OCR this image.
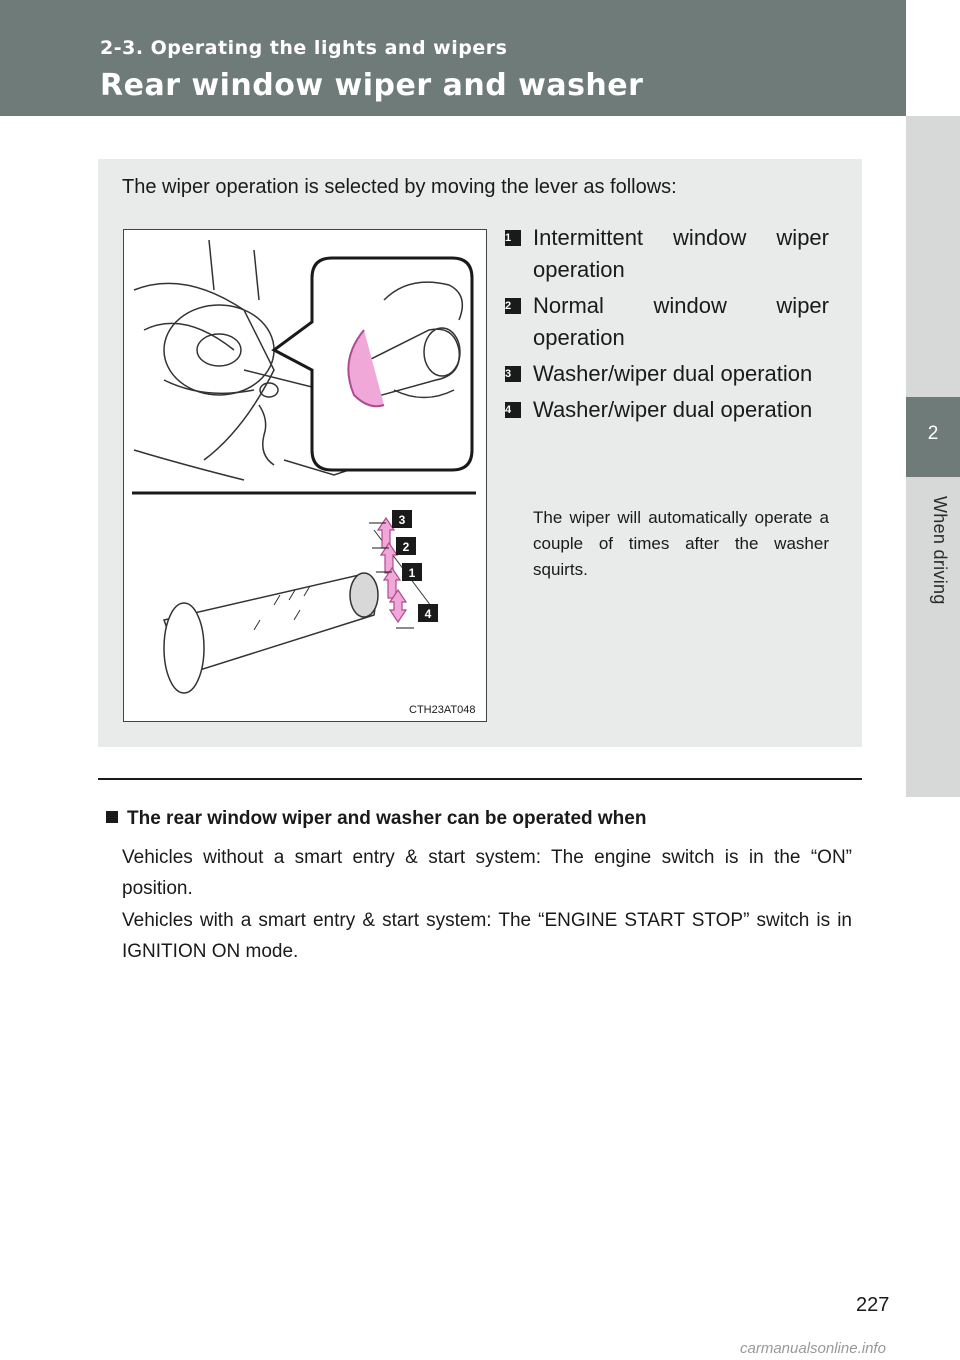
2-3. Operating the lights and wipers
Rear window wiper and washer
2
When driving
The wiper operation is selected by moving the lever as follows:
3
2
1
4
CTH23AT048
1 Intermittent window wiper operation
2 Normal window wiper operation
3 Washer/wiper dual operation
4 Washer/wiper dual operation
The wiper will automatically operate a couple of times after the washer squirts.
The rear window wiper and washer can be operated when
Vehicles without a smart entry & start system: The engine switch is in the “ON” position.
Vehicles with a smart entry & start system: The “ENGINE START STOP” switch is in IGNITION ON mode.
227
carmanualsonline.info
